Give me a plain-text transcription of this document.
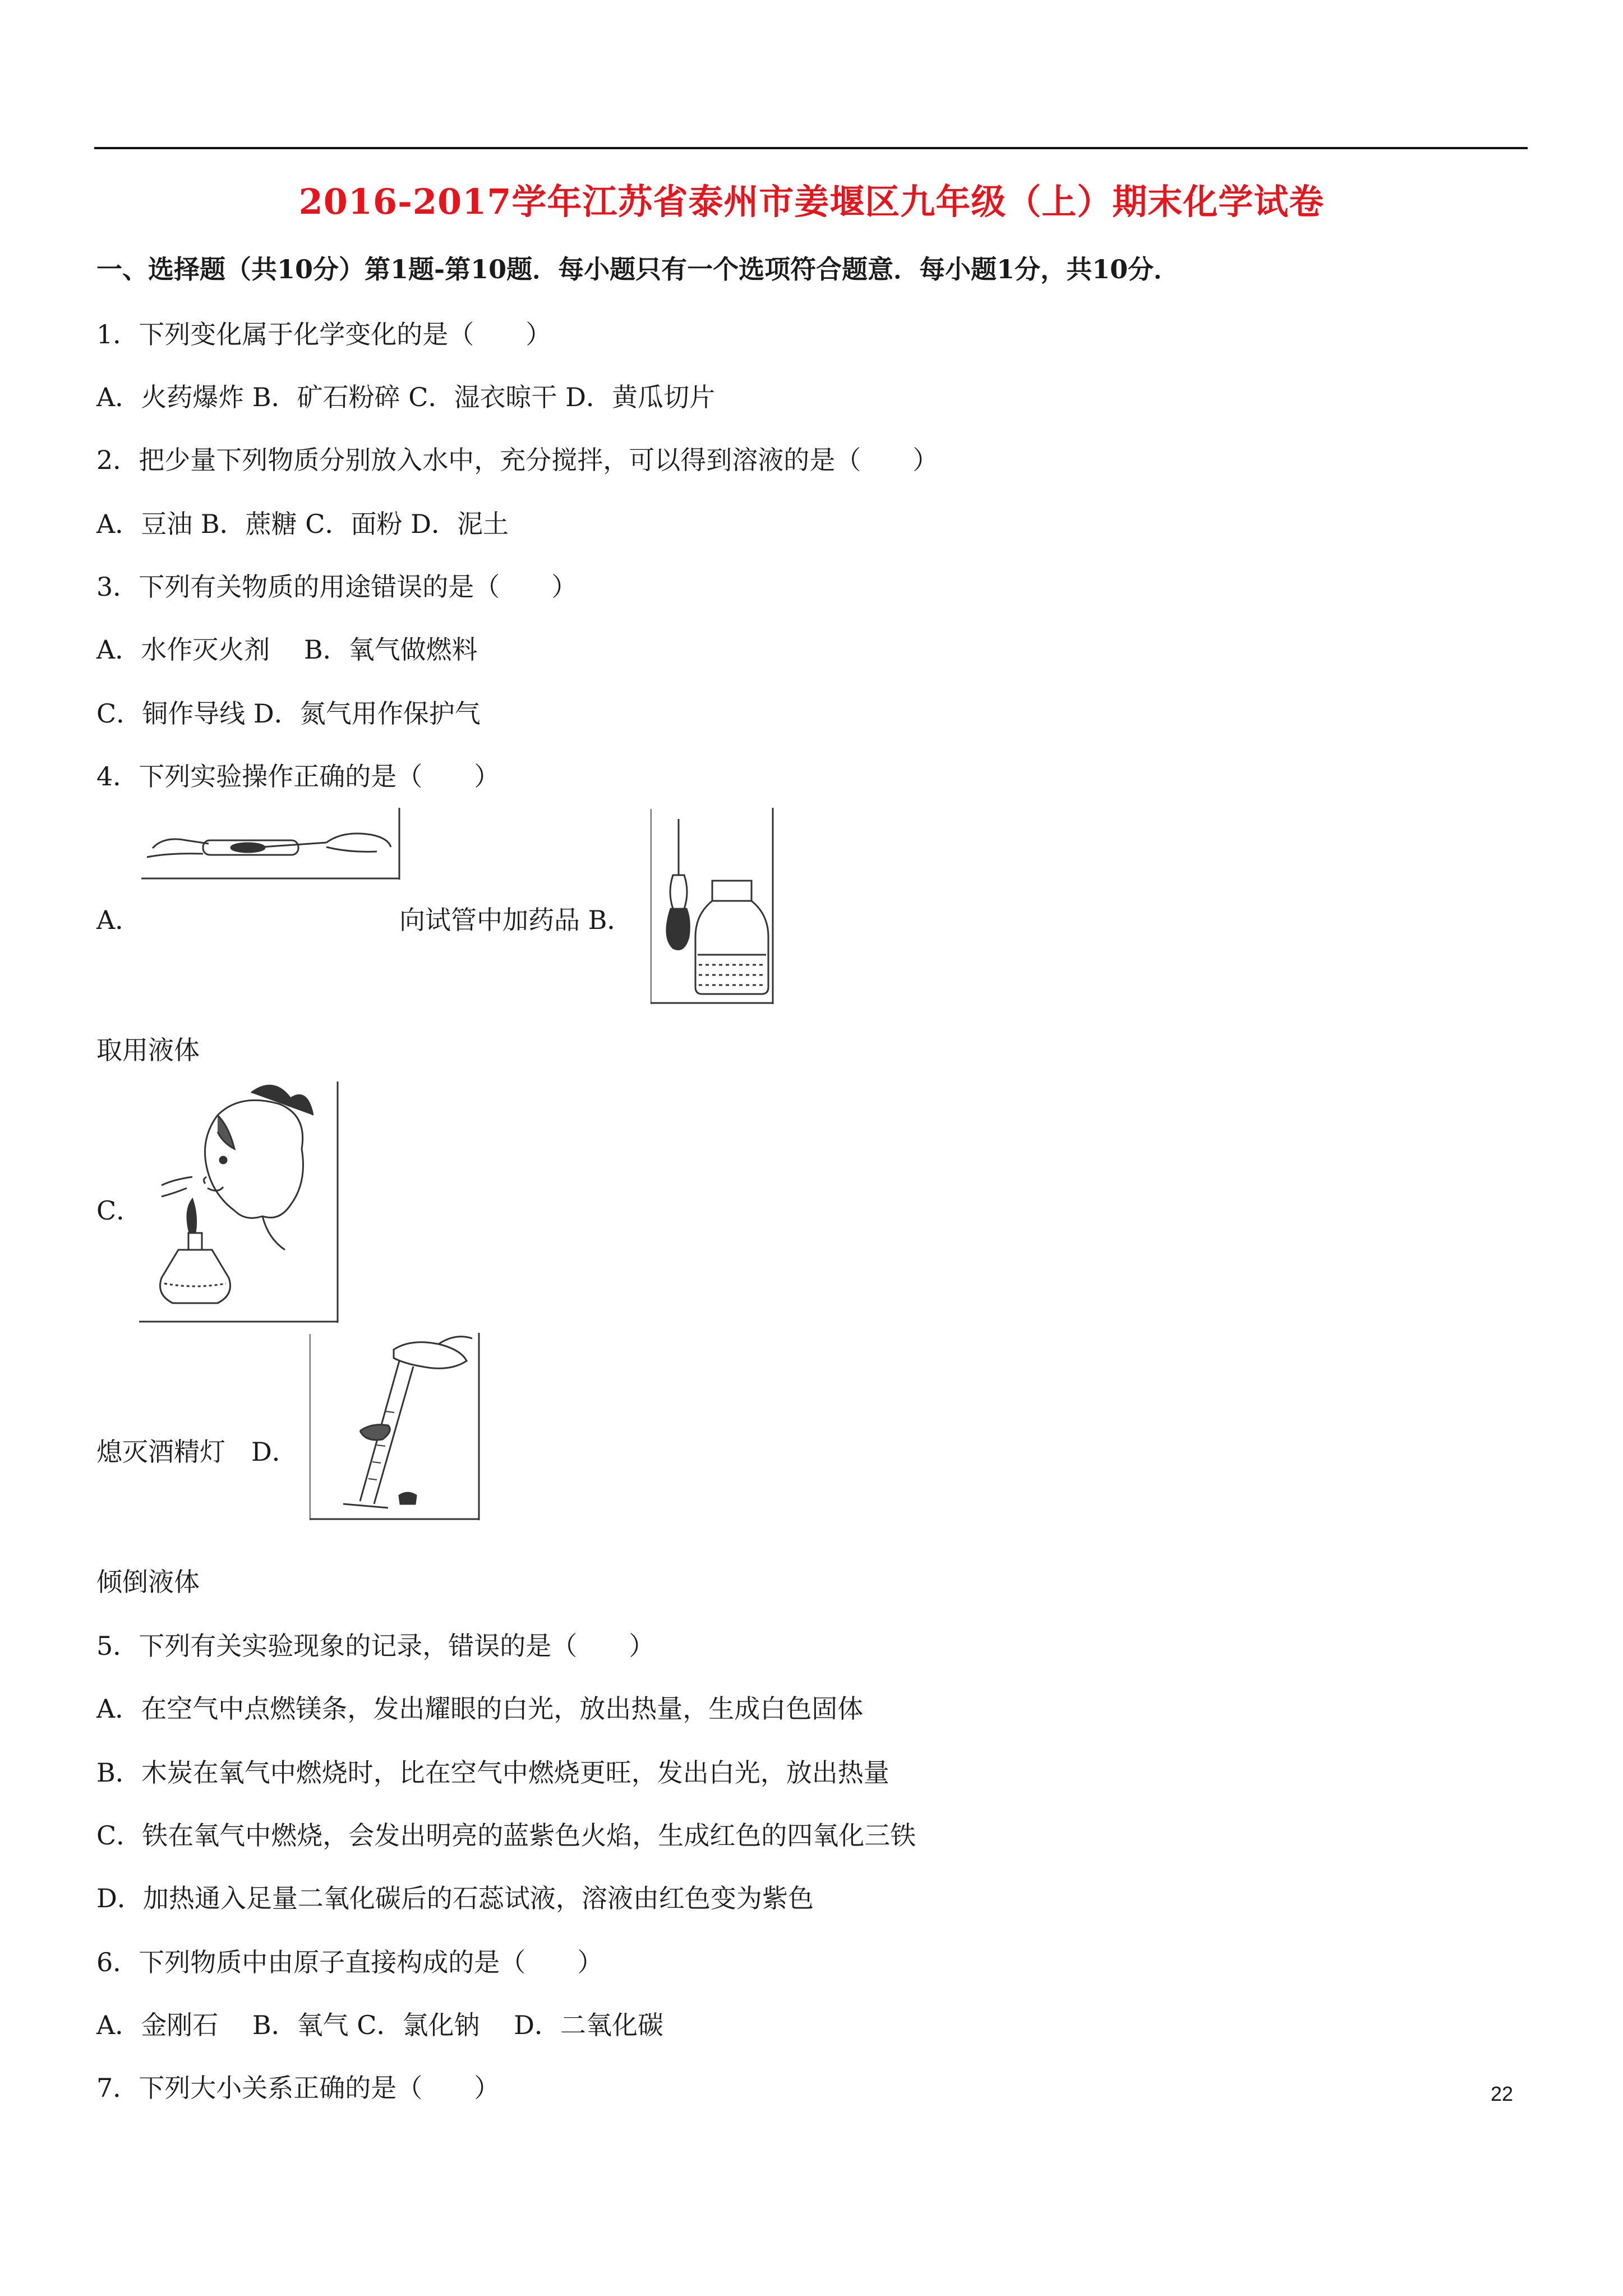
2016-2017学年江苏省泰州市姜堰区九年级（上）期末化学试卷
一、选择题（共10分）第1题-第10题．每小题只有一个选项符合题意．每小题1分，共10分．
1．下列变化属于化学变化的是（　　）
A．火药爆炸 B．矿石粉碎 C．湿衣晾干 D．黄瓜切片
2．把少量下列物质分别放入水中，充分搅拌，可以得到溶液的是（　　）
A．豆油 B．蔗糖 C．面粉 D．泥土
3．下列有关物质的用途错误的是（　　）
A．水作灭火剂　 B．氧气做燃料
C．铜作导线 D．氮气用作保护气
4．下列实验操作正确的是（　　）
A．	向试管中加药品 B．
取用液体
C．
熄灭酒精灯　D．
倾倒液体
5．下列有关实验现象的记录，错误的是（　　）
A．在空气中点燃镁条，发出耀眼的白光，放出热量，生成白色固体
B．木炭在氧气中燃烧时，比在空气中燃烧更旺，发出白光，放出热量
C．铁在氧气中燃烧，会发出明亮的蓝紫色火焰，生成红色的四氧化三铁
D．加热通入足量二氧化碳后的石蕊试液，溶液由红色变为紫色
6．下列物质中由原子直接构成的是（　　）
A．金刚石　 B．氧气 C．氯化钠　 D．二氧化碳
7．下列大小关系正确的是（　　）	22
